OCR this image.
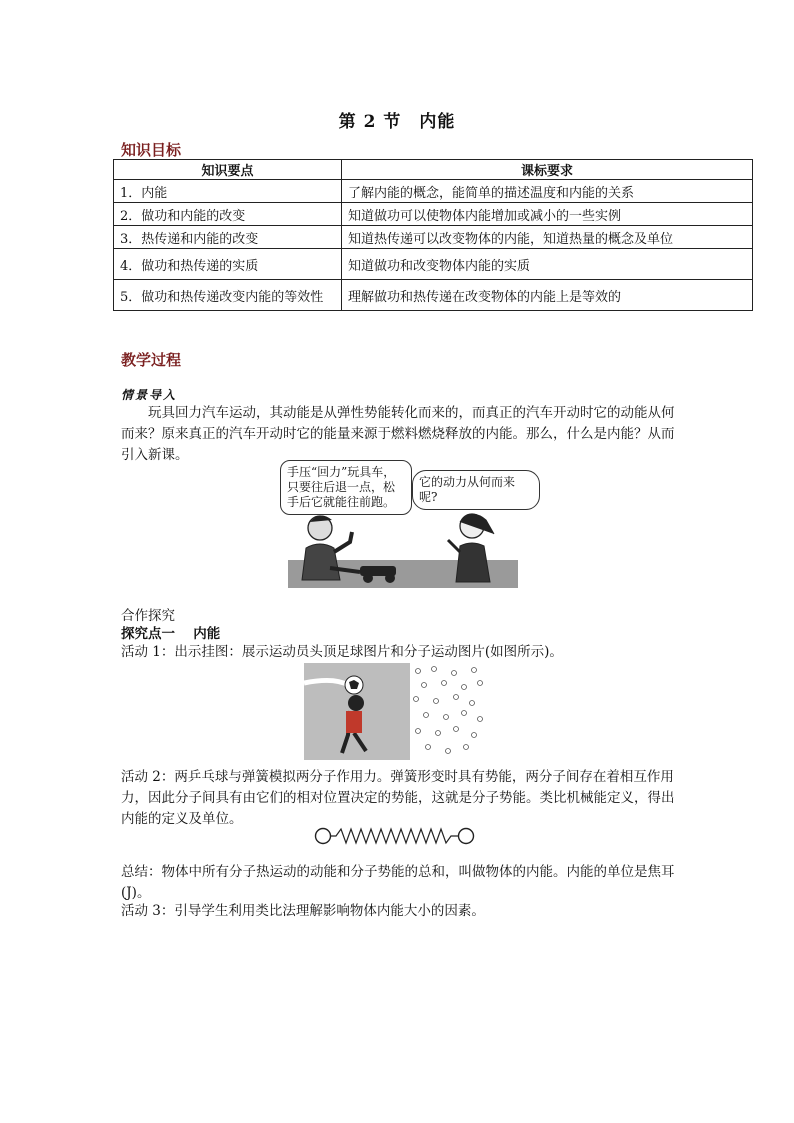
第 2 节　内能
知识目标
知识要点	课标要求
1．内能	了解内能的概念，能简单的描述温度和内能的关系
2．做功和内能的改变	知道做功可以使物体内能增加或减小的一些实例
3．热传递和内能的改变	知道热传递可以改变物体的内能，知道热量的概念及单位
4．做功和热传递的实质	知道做功和改变物体内能的实质
5．做功和热传递改变内能的等效性	理解做功和热传递在改变物体的内能上是等效的
教学过程
情景导入
玩具回力汽车运动，其动能是从弹性势能转化而来的，而真正的汽车开动时它的动能从何而来？原来真正的汽车开动时它的能量来源于燃料燃烧释放的内能。那么，什么是内能？从而引入新课。
手压“回力”玩具车，
只要往后退一点，松
手后它就能往前跑。
它的动力从何而来呢?
合作探究
探究点一　 内能
活动 1：出示挂图：展示运动员头顶足球图片和分子运动图片(如图所示)。
活动 2：两乒乓球与弹簧模拟两分子作用力。弹簧形变时具有势能，两分子间存在着相互作用力，因此分子间具有由它们的相对位置决定的势能，这就是分子势能。类比机械能定义，得出内能的定义及单位。
总结：物体中所有分子热运动的动能和分子势能的总和，叫做物体的内能。内能的单位是焦耳(J)。
活动 3：引导学生利用类比法理解影响物体内能大小的因素。
